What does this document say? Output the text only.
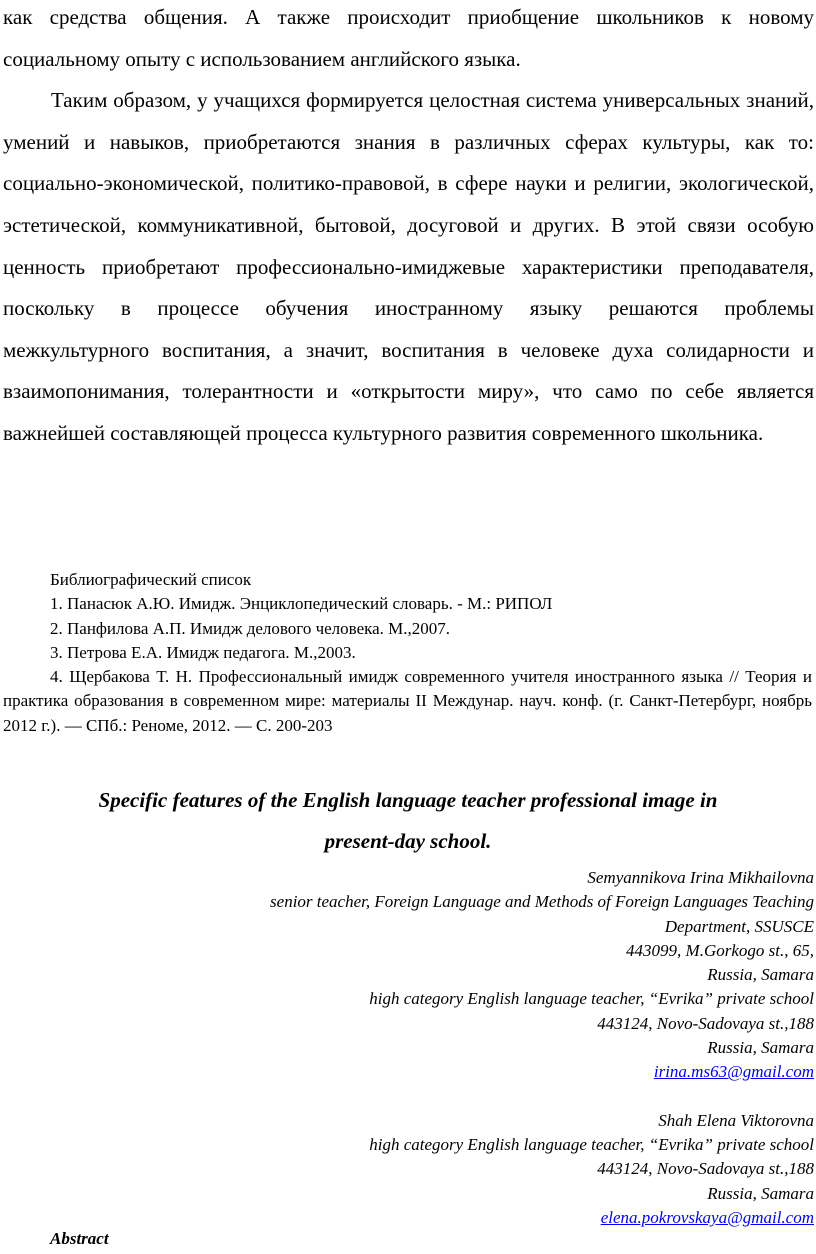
как средства общения. А также происходит приобщение школьников к новому социальному опыту с использованием английского языка.

Таким образом, у учащихся формируется целостная система универсальных знаний, умений и навыков, приобретаются знания в различных сферах культуры, как то: социально-экономической, политико-правовой, в сфере науки и религии, экологической, эстетической, коммуникативной, бытовой, досуговой и других. В этой связи особую ценность приобретают профессионально-имиджевые характеристики преподавателя, поскольку в процессе обучения иностранному языку решаются проблемы межкультурного воспитания, а значит, воспитания в человеке духа солидарности и взаимопонимания, толерантности и «открытости миру», что само по себе является важнейшей составляющей процесса культурного развития современного школьника.

Библиографический список

1. Панасюк А.Ю. Имидж. Энциклопедический словарь. - М.: РИПОЛ

2. Панфилова А.П. Имидж делового человека. М.,2007.

3. Петрова Е.А. Имидж педагога. М.,2003.

4. Щербакова Т. Н. Профессиональный имидж современного учителя иностранного языка // Теория и практика образования в современном мире: материалы II Междунар. науч. конф. (г. Санкт-Петербург, ноябрь 2012 г.). — СПб.: Реноме, 2012. — С. 200-203

Specific features of the English language teacher professional image in

present-day school.

Semyannikova Irina Mikhailovna

senior teacher, Foreign Language and Methods of Foreign Languages Teaching

Department, SSUSCE

443099, M.Gorkogo st., 65,

Russia, Samara

high category English language teacher, “Evrika” private school

443124, Novo-Sadovaya st.,188

Russia, Samara

irina.ms63@gmail.com

Shah Elena Viktorovna

high category English language teacher, “Evrika” private school

443124, Novo-Sadovaya st.,188

Russia, Samara

elena.pokrovskaya@gmail.com

Abstract
